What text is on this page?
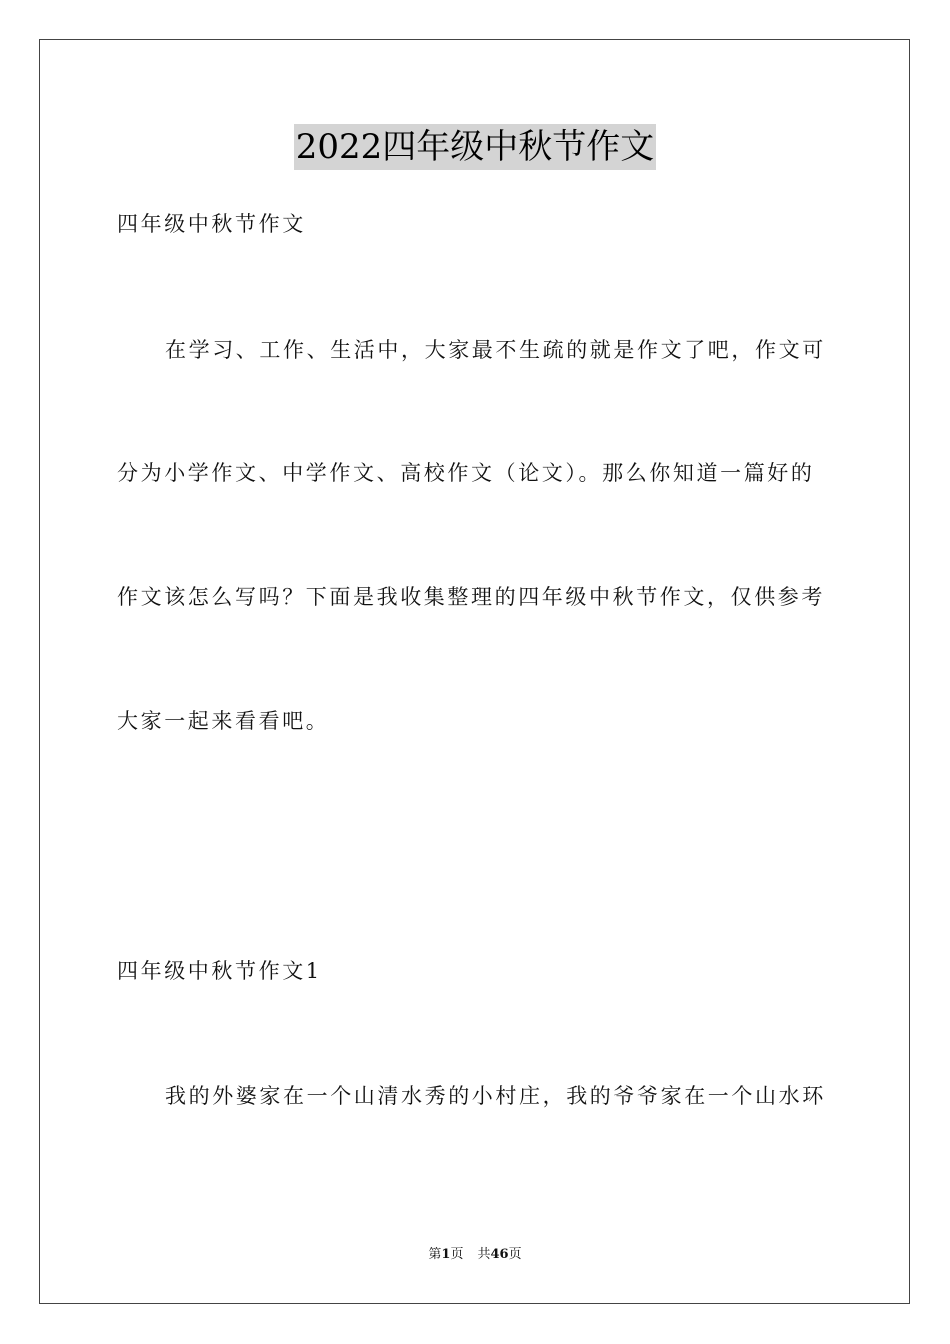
2022四年级中秋节作文
四年级中秋节作文
在学习、工作、生活中，大家最不生疏的就是作文了吧，作文可
分为小学作文、中学作文、高校作文（论文）。那么你知道一篇好的
作文该怎么写吗？下面是我收集整理的四年级中秋节作文，仅供参考
大家一起来看看吧。
四年级中秋节作文1
我的外婆家在一个山清水秀的小村庄，我的爷爷家在一个山水环
第1页 共46页
